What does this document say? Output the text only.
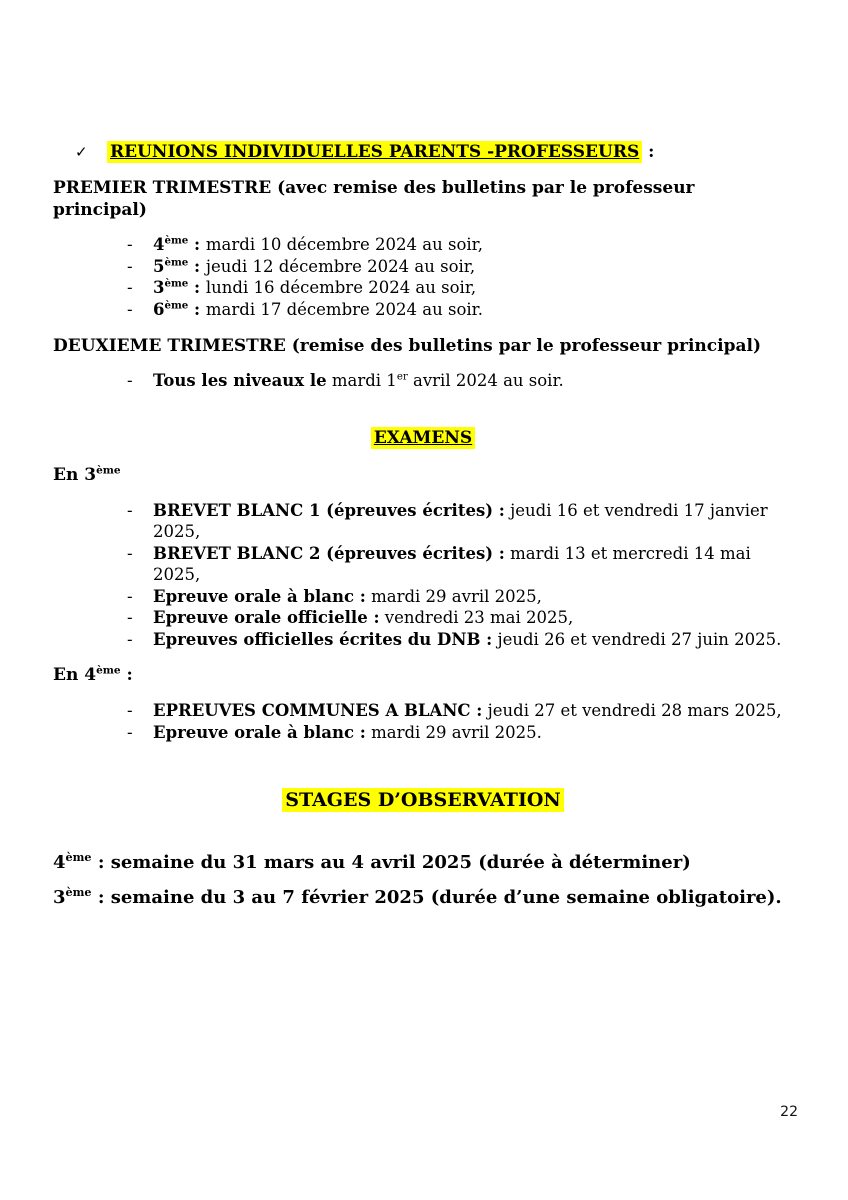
✓	REUNIONS INDIVIDUELLES PARENTS -PROFESSEURS :
PREMIER TRIMESTRE (avec remise des bulletins par le professeur principal)
-	4ème : mardi 10 décembre 2024 au soir,
-	5ème : jeudi 12 décembre 2024 au soir,
-	3ème : lundi 16 décembre 2024 au soir,
-	6ème : mardi 17 décembre 2024 au soir.
DEUXIEME TRIMESTRE (remise des bulletins par le professeur principal)
-	Tous les niveaux le mardi 1er avril 2024 au soir.
EXAMENS
En 3ème
-	BREVET BLANC 1 (épreuves écrites) : jeudi 16 et vendredi 17 janvier 2025,
-	BREVET BLANC 2 (épreuves écrites) : mardi 13 et mercredi 14 mai 2025,
-	Epreuve orale à blanc : mardi 29 avril 2025,
-	Epreuve orale officielle : vendredi 23 mai 2025,
-	Epreuves officielles écrites du DNB : jeudi 26 et vendredi 27 juin 2025.
En 4ème :
-	EPREUVES COMMUNES A BLANC : jeudi 27 et vendredi 28 mars 2025,
-	Epreuve orale à blanc : mardi 29 avril 2025.
STAGES D’OBSERVATION
4ème : semaine du 31 mars au 4 avril 2025 (durée à déterminer)
3ème : semaine du 3 au 7 février 2025 (durée d’une semaine obligatoire).
22
